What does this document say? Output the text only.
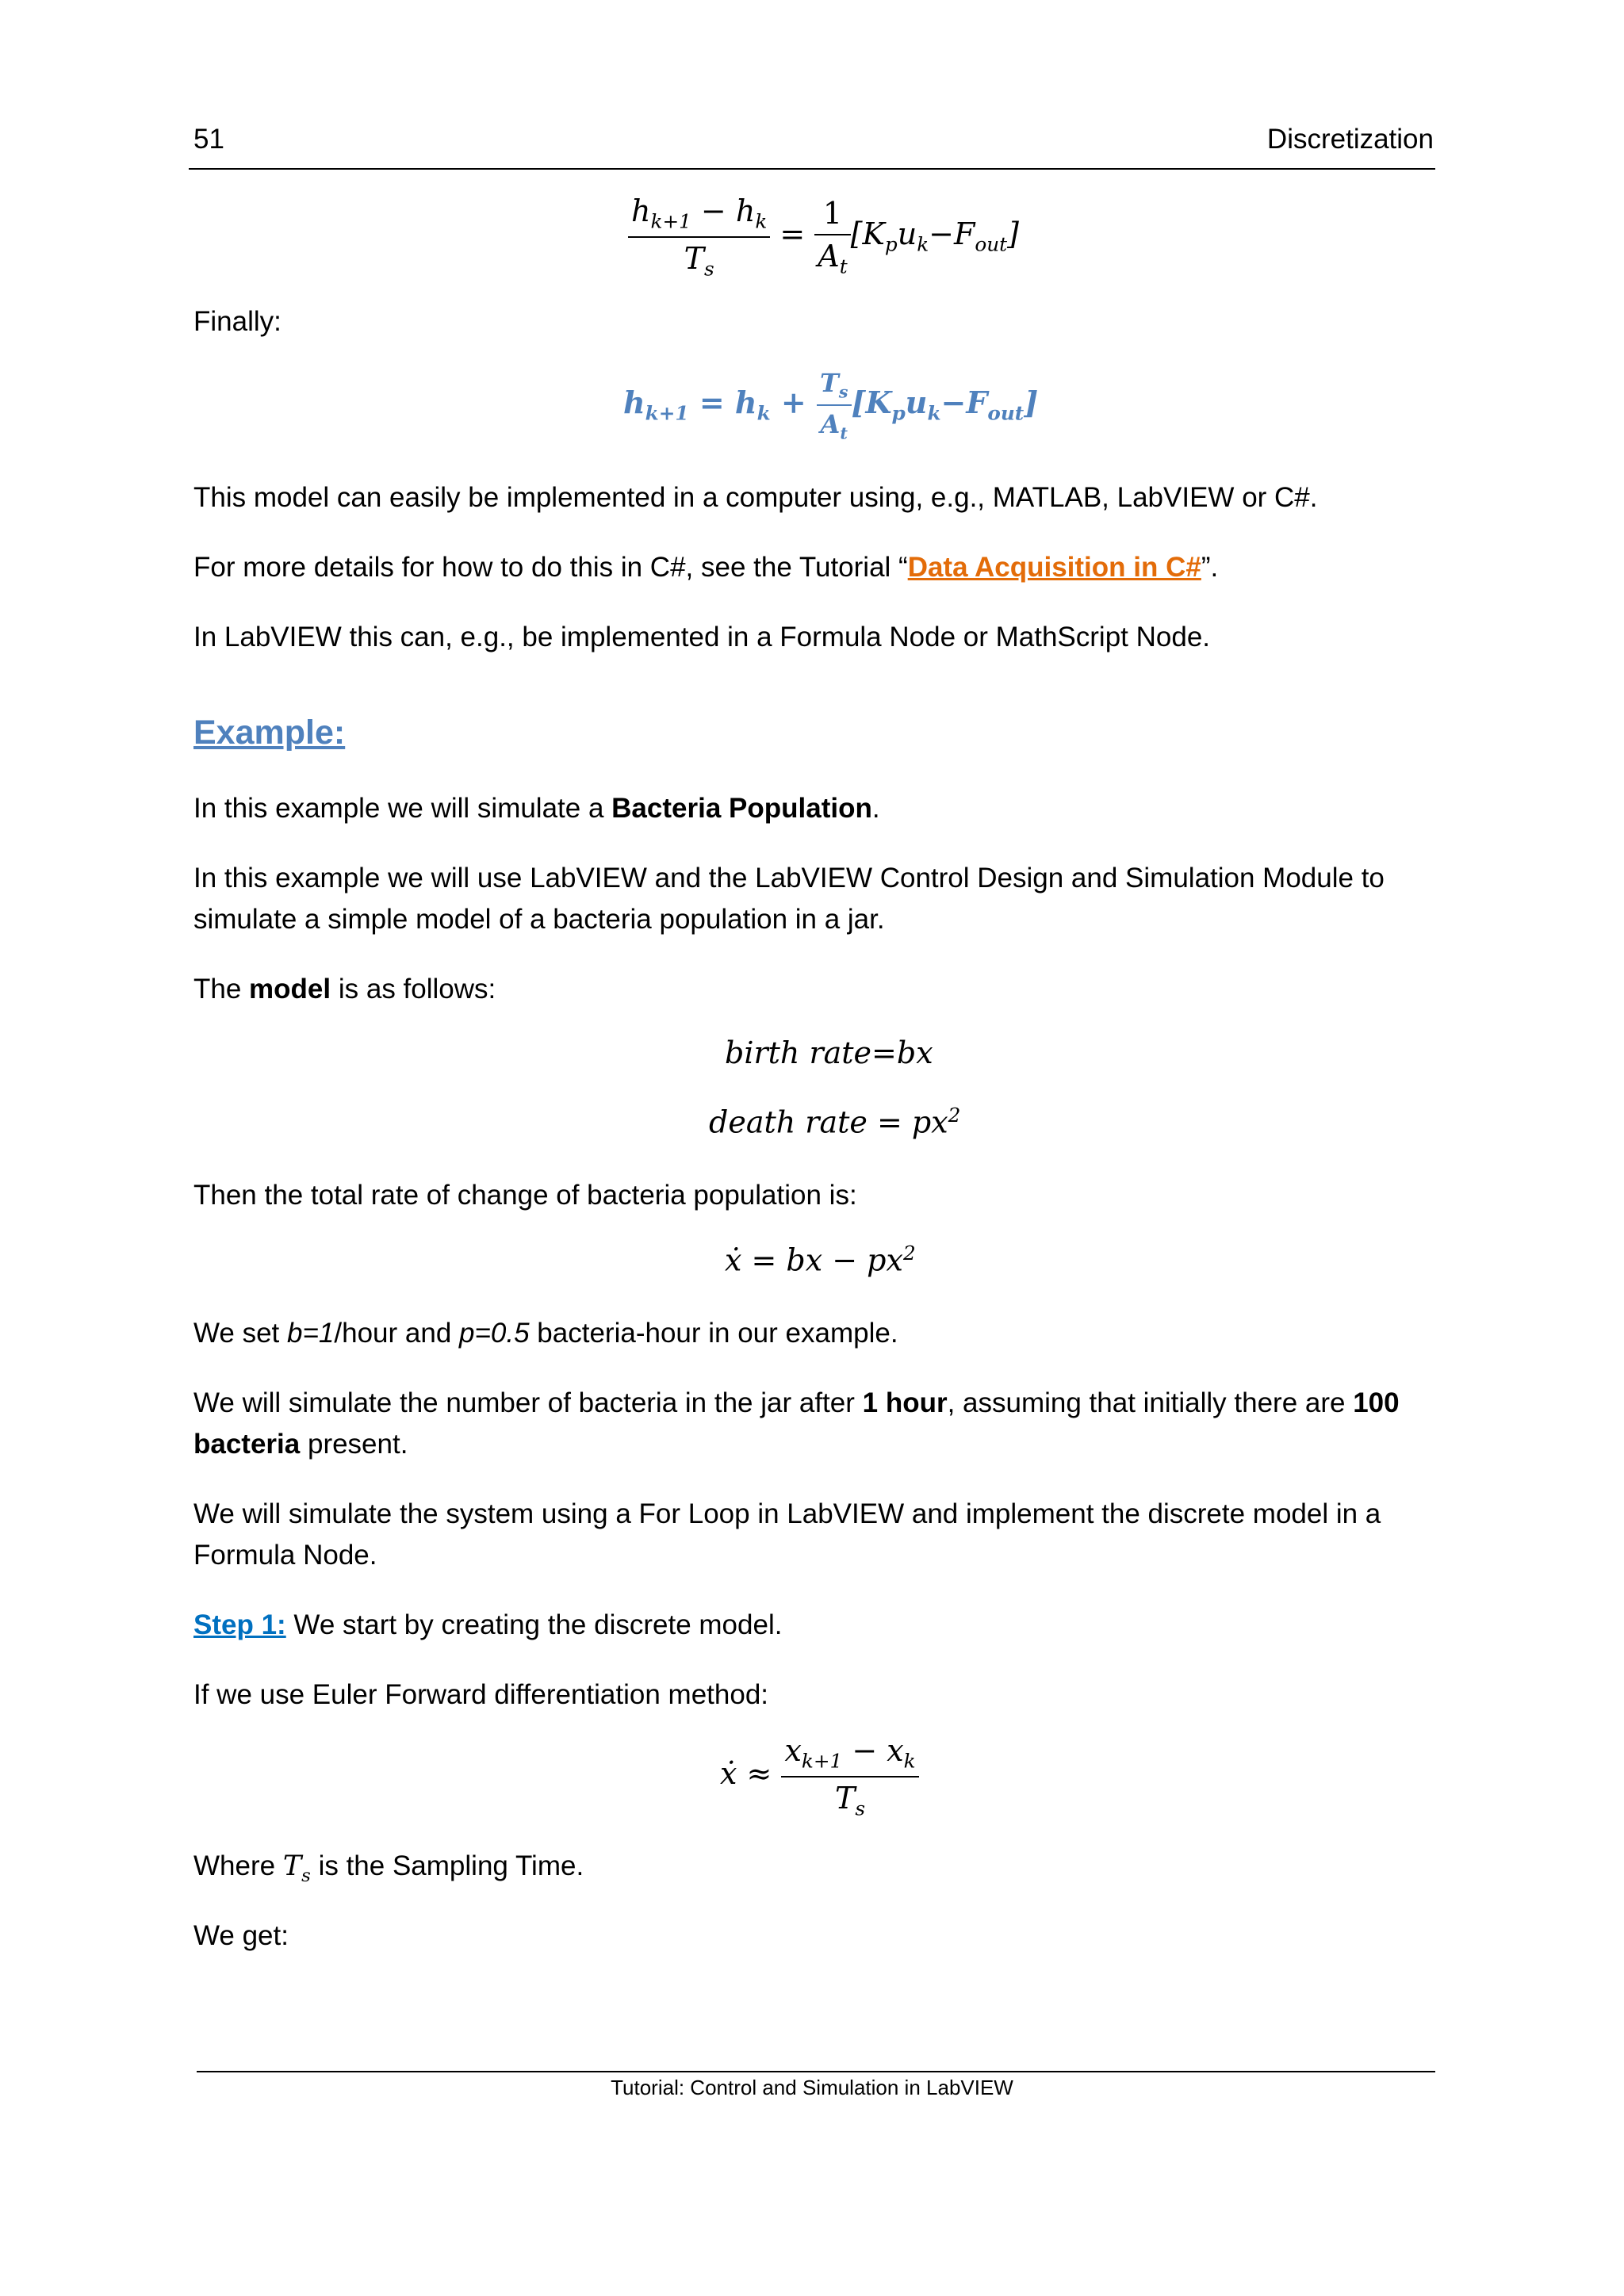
51	Discretization
$\frac{h_{k+1} - h_k}{T_s} = \frac{1}{A_t} [K_pu_k-F_{out}]$
Finally:
$h_{k+1} = h_k + \frac{T_s}{A_t} [K_pu_k-F_{out}]$
This model can easily be implemented in a computer using, e.g., MATLAB, LabVIEW or C#.
For more details for how to do this in C#, see the Tutorial “Data Acquisition in C#”.
In LabVIEW this can, e.g., be implemented in a Formula Node or MathScript Node.
Example:
In this example we will simulate a Bacteria Population.
In this example we will use LabVIEW and the LabVIEW Control Design and Simulation Module to
simulate a simple model of a bacteria population in a jar.
The model is as follows:
birth rate=bx
death rate = $px^2$
Then the total rate of change of bacteria population is:
ẋ = bx − $px^2$
We set b=1/hour and p=0.5 bacteria-hour in our example.
We will simulate the number of bacteria in the jar after 1 hour, assuming that initially there are 100
bacteria present.
We will simulate the system using a For Loop in LabVIEW and implement the discrete model in a
Formula Node.
Step 1: We start by creating the discrete model.
If we use Euler Forward differentiation method:
ẋ ≈ $\frac{x_{k+1} - x_k}{T_s}$
Where $T_s$ is the Sampling Time.
We get:
Tutorial: Control and Simulation in LabVIEW
